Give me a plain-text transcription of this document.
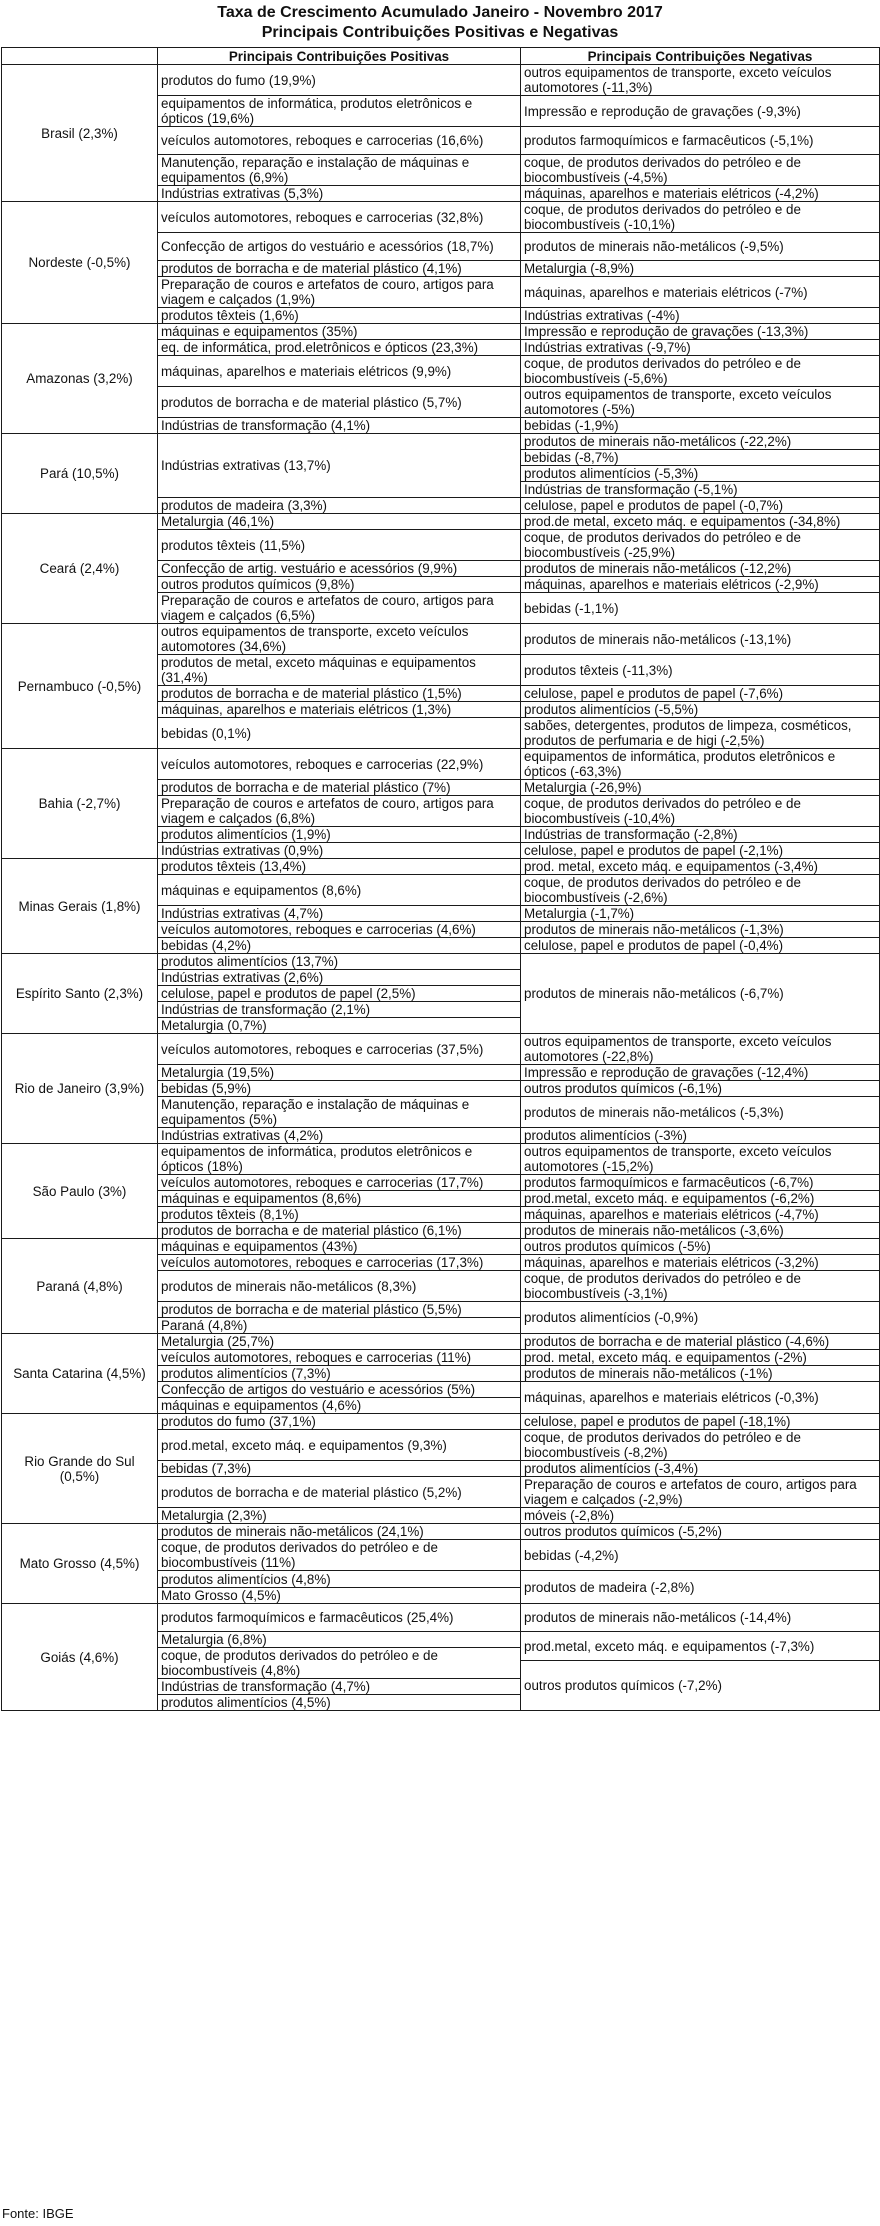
Taxa de Crescimento Acumulado Janeiro - Novembro 2017
Principais Contribuições Positivas e Negativas
	Principais Contribuições Positivas	Principais Contribuições Negativas
Brasil (2,3%)	produtos do fumo (19,9%)	outros equipamentos de transporte, exceto veículos automotores (-11,3%)
	equipamentos de informática, produtos eletrônicos e ópticos (19,6%)	Impressão e reprodução de gravações (-9,3%)
	veículos automotores, reboques e carrocerias (16,6%)	produtos farmoquímicos e farmacêuticos (-5,1%)
	Manutenção, reparação e instalação de máquinas e equipamentos (6,9%)	coque, de produtos derivados do petróleo e de biocombustíveis (-4,5%)
	Indústrias extrativas (5,3%)	máquinas, aparelhos e materiais elétricos (-4,2%)
Nordeste (-0,5%)	veículos automotores, reboques e carrocerias (32,8%)	coque, de produtos derivados do petróleo e de biocombustíveis (-10,1%)
	Confecção de artigos do vestuário e acessórios (18,7%)	produtos de minerais não-metálicos (-9,5%)
	produtos de borracha e de material plástico (4,1%)	Metalurgia (-8,9%)
	Preparação de couros e artefatos de couro, artigos para viagem e calçados (1,9%)	máquinas, aparelhos e materiais elétricos (-7%)
	produtos têxteis (1,6%)	Indústrias extrativas (-4%)
Amazonas (3,2%)	máquinas e equipamentos (35%)	Impressão e reprodução de gravações (-13,3%)
	eq. de informática, prod.eletrônicos e ópticos (23,3%)	Indústrias extrativas (-9,7%)
	máquinas, aparelhos e materiais elétricos (9,9%)	coque, de produtos derivados do petróleo e de biocombustíveis (-5,6%)
	produtos de borracha e de material plástico (5,7%)	outros equipamentos de transporte, exceto veículos automotores (-5%)
	Indústrias de transformação (4,1%)	bebidas (-1,9%)
Pará (10,5%)	Indústrias extrativas (13,7%)	produtos de minerais não-metálicos (-22,2%)
		bebidas (-8,7%)
		produtos alimentícios (-5,3%)
		Indústrias de transformação (-5,1%)
	produtos de madeira (3,3%)	celulose, papel e produtos de papel (-0,7%)
Ceará (2,4%)	Metalurgia (46,1%)	prod.de metal, exceto máq. e equipamentos (-34,8%)
	produtos têxteis (11,5%)	coque, de produtos derivados do petróleo e de biocombustíveis (-25,9%)
	Confecção de artig. vestuário e acessórios (9,9%)	produtos de minerais não-metálicos (-12,2%)
	outros produtos químicos (9,8%)	máquinas, aparelhos e materiais elétricos (-2,9%)
	Preparação de couros e artefatos de couro, artigos para viagem e calçados (6,5%)	bebidas (-1,1%)
Pernambuco (-0,5%)	outros equipamentos de transporte, exceto veículos automotores (34,6%)	produtos de minerais não-metálicos (-13,1%)
	produtos de metal, exceto máquinas e equipamentos (31,4%)	produtos têxteis (-11,3%)
	produtos de borracha e de material plástico (1,5%)	celulose, papel e produtos de papel (-7,6%)
	máquinas, aparelhos e materiais elétricos (1,3%)	produtos alimentícios (-5,5%)
	bebidas (0,1%)	sabões, detergentes, produtos de limpeza, cosméticos, produtos de perfumaria e de higi (-2,5%)
Bahia (-2,7%)	veículos automotores, reboques e carrocerias (22,9%)	equipamentos de informática, produtos eletrônicos e ópticos (-63,3%)
	produtos de borracha e de material plástico (7%)	Metalurgia (-26,9%)
	Preparação de couros e artefatos de couro, artigos para viagem e calçados (6,8%)	coque, de produtos derivados do petróleo e de biocombustíveis (-10,4%)
	produtos alimentícios (1,9%)	Indústrias de transformação (-2,8%)
	Indústrias extrativas (0,9%)	celulose, papel e produtos de papel (-2,1%)
Minas Gerais (1,8%)	produtos têxteis (13,4%)	prod. metal, exceto máq. e equipamentos (-3,4%)
	máquinas e equipamentos (8,6%)	coque, de produtos derivados do petróleo e de biocombustíveis (-2,6%)
	Indústrias extrativas (4,7%)	Metalurgia (-1,7%)
	veículos automotores, reboques e carrocerias (4,6%)	produtos de minerais não-metálicos (-1,3%)
	bebidas (4,2%)	celulose, papel e produtos de papel (-0,4%)
Espírito Santo (2,3%)	produtos alimentícios (13,7%)	produtos de minerais não-metálicos (-6,7%)
	Indústrias extrativas (2,6%)	
	celulose, papel e produtos de papel (2,5%)	
	Indústrias de transformação (2,1%)	
	Metalurgia (0,7%)	
Rio de Janeiro (3,9%)	veículos automotores, reboques e carrocerias (37,5%)	outros equipamentos de transporte, exceto veículos automotores (-22,8%)
	Metalurgia (19,5%)	Impressão e reprodução de gravações (-12,4%)
	bebidas (5,9%)	outros produtos químicos (-6,1%)
	Manutenção, reparação e instalação de máquinas e equipamentos (5%)	produtos de minerais não-metálicos (-5,3%)
	Indústrias extrativas (4,2%)	produtos alimentícios (-3%)
São Paulo (3%)	equipamentos de informática, produtos eletrônicos e ópticos (18%)	outros equipamentos de transporte, exceto veículos automotores (-15,2%)
	veículos automotores, reboques e carrocerias (17,7%)	produtos farmoquímicos e farmacêuticos (-6,7%)
	máquinas e equipamentos (8,6%)	prod.metal, exceto máq. e equipamentos (-6,2%)
	produtos têxteis (8,1%)	máquinas, aparelhos e materiais elétricos (-4,7%)
	produtos de borracha e de material plástico (6,1%)	produtos de minerais não-metálicos (-3,6%)
Paraná (4,8%)	máquinas e equipamentos (43%)	outros produtos químicos (-5%)
	veículos automotores, reboques e carrocerias (17,3%)	máquinas, aparelhos e materiais elétricos (-3,2%)
	produtos de minerais não-metálicos (8,3%)	coque, de produtos derivados do petróleo e de biocombustíveis (-3,1%)
	produtos de borracha e de material plástico (5,5%)	produtos alimentícios (-0,9%)
	Paraná (4,8%)	
Santa Catarina (4,5%)	Metalurgia (25,7%)	produtos de borracha e de material plástico (-4,6%)
	veículos automotores, reboques e carrocerias (11%)	prod. metal, exceto máq. e equipamentos (-2%)
	produtos alimentícios (7,3%)	produtos de minerais não-metálicos (-1%)
	Confecção de artigos do vestuário e acessórios (5%)	máquinas, aparelhos e materiais elétricos (-0,3%)
	máquinas e equipamentos (4,6%)	
Rio Grande do Sul (0,5%)	produtos do fumo (37,1%)	celulose, papel e produtos de papel (-18,1%)
	prod.metal, exceto máq. e equipamentos (9,3%)	coque, de produtos derivados do petróleo e de biocombustíveis (-8,2%)
	bebidas (7,3%)	produtos alimentícios (-3,4%)
	produtos de borracha e de material plástico (5,2%)	Preparação de couros e artefatos de couro, artigos para viagem e calçados (-2,9%)
	Metalurgia (2,3%)	móveis (-2,8%)
Mato Grosso (4,5%)	produtos de minerais não-metálicos (24,1%)	outros produtos químicos (-5,2%)
	coque, de produtos derivados do petróleo e de biocombustíveis (11%)	bebidas (-4,2%)
	produtos alimentícios (4,8%)	produtos de madeira (-2,8%)
	Mato Grosso (4,5%)	
Goiás (4,6%)	produtos farmoquímicos e farmacêuticos (25,4%)	produtos de minerais não-metálicos (-14,4%)
	Metalurgia (6,8%)	prod.metal, exceto máq. e equipamentos (-7,3%)
	coque, de produtos derivados do petróleo e de biocombustíveis (4,8%)	
		outros produtos químicos (-7,2%)
	Indústrias de transformação (4,7%)	
	produtos alimentícios (4,5%)	
Fonte: IBGE
